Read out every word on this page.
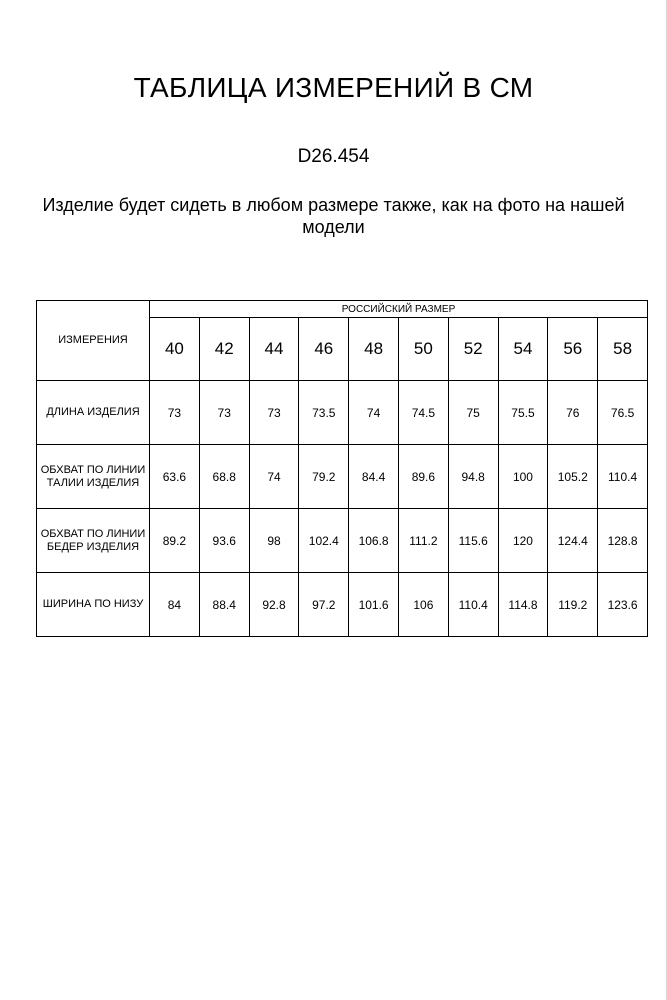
ТАБЛИЦА ИЗМЕРЕНИЙ В СМ
D26.454

Изделие будет сидеть в любом размере также, как на фото на нашей модели

ИЗМЕРЕНИЯ	РОССИЙСКИЙ РАЗМЕР									
	40	42	44	46	48	50	52	54	56	58
ДЛИНА ИЗДЕЛИЯ	73	73	73	73.5	74	74.5	75	75.5	76	76.5
ОБХВАТ ПО ЛИНИИ ТАЛИИ ИЗДЕЛИЯ	63.6	68.8	74	79.2	84.4	89.6	94.8	100	105.2	110.4
ОБХВАТ ПО ЛИНИИ БЕДЕР ИЗДЕЛИЯ	89.2	93.6	98	102.4	106.8	111.2	115.6	120	124.4	128.8
ШИРИНА ПО НИЗУ	84	88.4	92.8	97.2	101.6	106	110.4	114.8	119.2	123.6
